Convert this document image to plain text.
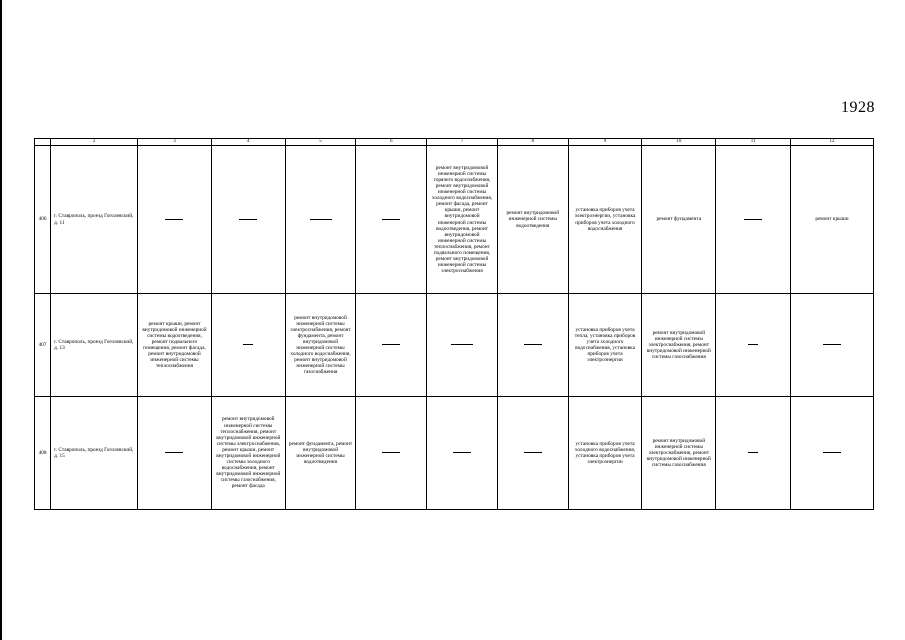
1928
	2	3	4	5	6	7	8	9	10	11	12
406	г. Ставрополь, проезд Гоголевский, д. 11					ремонт внутридомовой инженерной системы горячего водоснабжения, ремонт внутридомовой инженерной системы холодного водоснабжения, ремонт фасада, ремонт крыши, ремонт внутридомовой инженерной системы водоотведения, ремонт внутридомовой инженерной системы теплоснабжения, ремонт подвального помещения, ремонт внутридомовой инженерной системы электроснабжения	ремонт внутридомовой инженерной системы водоотведения	установка приборов учета электроэнергии, установка приборов учета холодного водоснабжения	ремонт фундамента		ремонт крыши
407	г. Ставрополь, проезд Гоголевский, д. 13	ремонт крыши, ремонт внутридомовой инженерной системы водоотведения, ремонт подвального помещения, ремонт фасада, ремонт внутридомовой инженерной системы теплоснабжения		ремонт внутридомовой инженерной системы электроснабжения, ремонт фундамента, ремонт внутридомовой инженерной системы холодного водоснабжения, ремонт внутридомовой инженерной системы газоснабжения				установка приборов учета тепла, установка приборов учета холодного водоснабжения, установка приборов учета электроэнергии	ремонт внутридомовой инженерной системы электроснабжения, ремонт внутридомовой инженерной системы газоснабжения		
408	г. Ставрополь, проезд Гоголевский, д. 15		ремонт внутридомовой инженерной системы теплоснабжения, ремонт внутридомовой инженерной системы электроснабжения, ремонт крыши, ремонт внутридомовой инженерной системы холодного водоснабжения, ремонт внутридомовой инженерной системы газоснабжения, ремонт фасада	ремонт фундамента, ремонт внутридомовой инженерной системы водоотведения				установка приборов учета холодного водоснабжения, установка приборов учета электроэнергии	ремонт внутридомовой инженерной системы электроснабжения, ремонт внутридомовой инженерной системы газоснабжения		
